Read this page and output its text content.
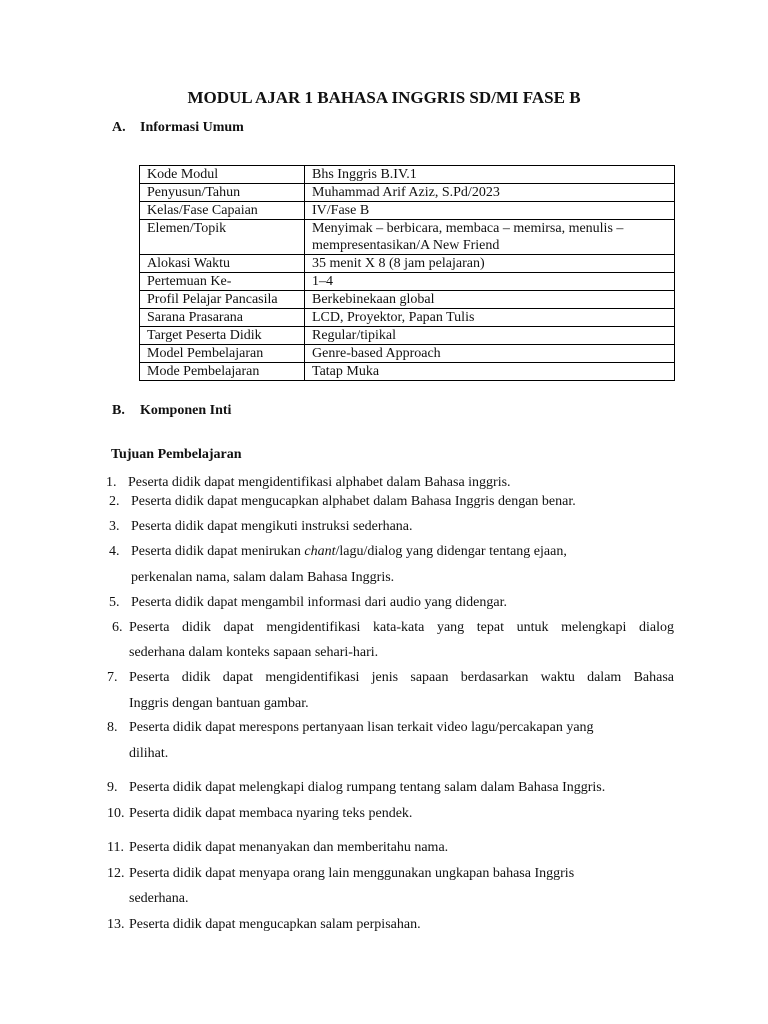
MODUL AJAR 1 BAHASA INGGRIS SD/MI FASE B

A. Informasi Umum

Kode Modul	Bhs Inggris B.IV.1
Penyusun/Tahun	Muhammad Arif Aziz, S.Pd/2023
Kelas/Fase Capaian	IV/Fase B
Elemen/Topik	Menyimak – berbicara, membaca – memirsa, menulis – mempresentasikan/A New Friend
Alokasi Waktu	35 menit X 8 (8 jam pelajaran)
Pertemuan Ke-	1–4
Profil Pelajar Pancasila	Berkebinekaan global
Sarana Prasarana	LCD, Proyektor, Papan Tulis
Target Peserta Didik	Regular/tipikal
Model Pembelajaran	Genre-based Approach
Mode Pembelajaran	Tatap Muka

B. Komponen Inti

Tujuan Pembelajaran

1. Peserta didik dapat mengidentifikasi alphabet dalam Bahasa inggris.
2. Peserta didik dapat mengucapkan alphabet dalam Bahasa Inggris dengan benar.
3. Peserta didik dapat mengikuti instruksi sederhana.
4. Peserta didik dapat menirukan chant/lagu/dialog yang didengar tentang ejaan,
perkenalan nama, salam dalam Bahasa Inggris.
5. Peserta didik dapat mengambil informasi dari audio yang didengar.
6. Peserta didik dapat mengidentifikasi kata-kata yang tepat untuk melengkapi dialog
sederhana dalam konteks sapaan sehari-hari.
7. Peserta didik dapat mengidentifikasi jenis sapaan berdasarkan waktu dalam Bahasa
Inggris dengan bantuan gambar.
8. Peserta didik dapat merespons pertanyaan lisan terkait video lagu/percakapan yang
dilihat.
9. Peserta didik dapat melengkapi dialog rumpang tentang salam dalam Bahasa Inggris.
10. Peserta didik dapat membaca nyaring teks pendek.
11. Peserta didik dapat menanyakan dan memberitahu nama.
12. Peserta didik dapat menyapa orang lain menggunakan ungkapan bahasa Inggris
sederhana.
13. Peserta didik dapat mengucapkan salam perpisahan.
